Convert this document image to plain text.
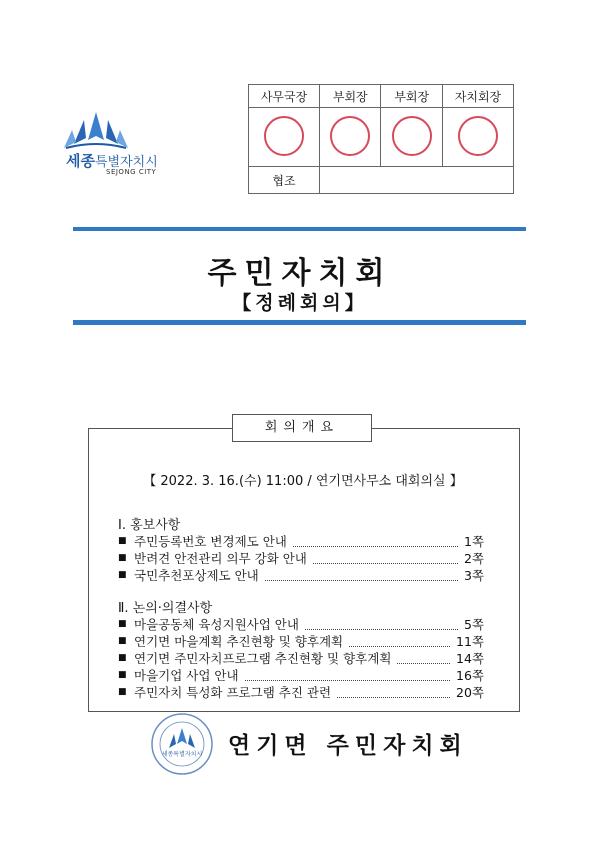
세종특별자치시
SEJONG CITY
사무국장	부회장	부회장	자치회장

협조			
주민자치회
【정례회의】
회의개요
【 2022. 3. 16.(수) 11:00 / 연기면사무소 대회의실 】
Ⅰ. 홍보사항
■ 주민등록번호 변경제도 안내	1쪽
■ 반려견 안전관리 의무 강화 안내	2쪽
■ 국민추천포상제도 안내	3쪽
Ⅱ. 논의·의결사항
■ 마을공동체 육성지원사업 안내	5쪽
■ 연기면 마을계획 추진현황 및 향후계획	11쪽
■ 연기면 주민자치프로그램 추진현황 및 향후계획	14쪽
■ 마을기업 사업 안내	16쪽
■ 주민자치 특성화 프로그램 추진 관련	20쪽
세종특별자치시 연기면 주민자치회
